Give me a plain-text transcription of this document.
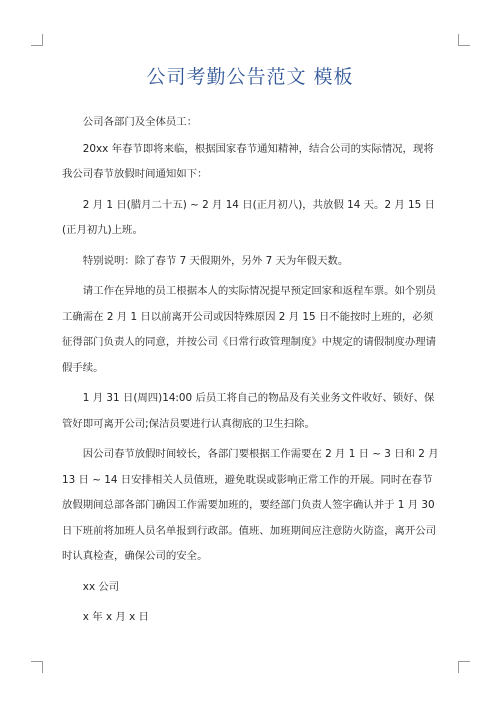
公司考勤公告范文 模板

公司各部门及全体员工：

20xx 年春节即将来临，根据国家春节通知精神，结合公司的实际情况，现将我公司春节放假时间通知如下：

2 月 1 日(腊月二十五) ~ 2 月 14 日(正月初八)，共放假 14 天。2 月 15 日(正月初九)上班。

特别说明：除了春节 7 天假期外，另外 7 天为年假天数。

请工作在异地的员工根据本人的实际情况提早预定回家和返程车票。如个别员工确需在 2 月 1 日以前离开公司或因特殊原因 2 月 15 日不能按时上班的，必须征得部门负责人的同意，并按公司《日常行政管理制度》中规定的请假制度办理请假手续。

1 月 31 日(周四)14:00 后员工将自己的物品及有关业务文件收好、锁好、保管好即可离开公司;保洁员要进行认真彻底的卫生扫除。

因公司春节放假时间较长，各部门要根据工作需要在 2 月 1 日 ~ 3 日和 2 月 13 日 ~ 14 日安排相关人员值班，避免耽误或影响正常工作的开展。同时在春节放假期间总部各部门确因工作需要加班的，要经部门负责人签字确认并于 1 月 30 日下班前将加班人员名单报到行政部。值班、加班期间应注意防火防盗，离开公司时认真检查，确保公司的安全。

xx 公司

x 年 x 月 x 日
